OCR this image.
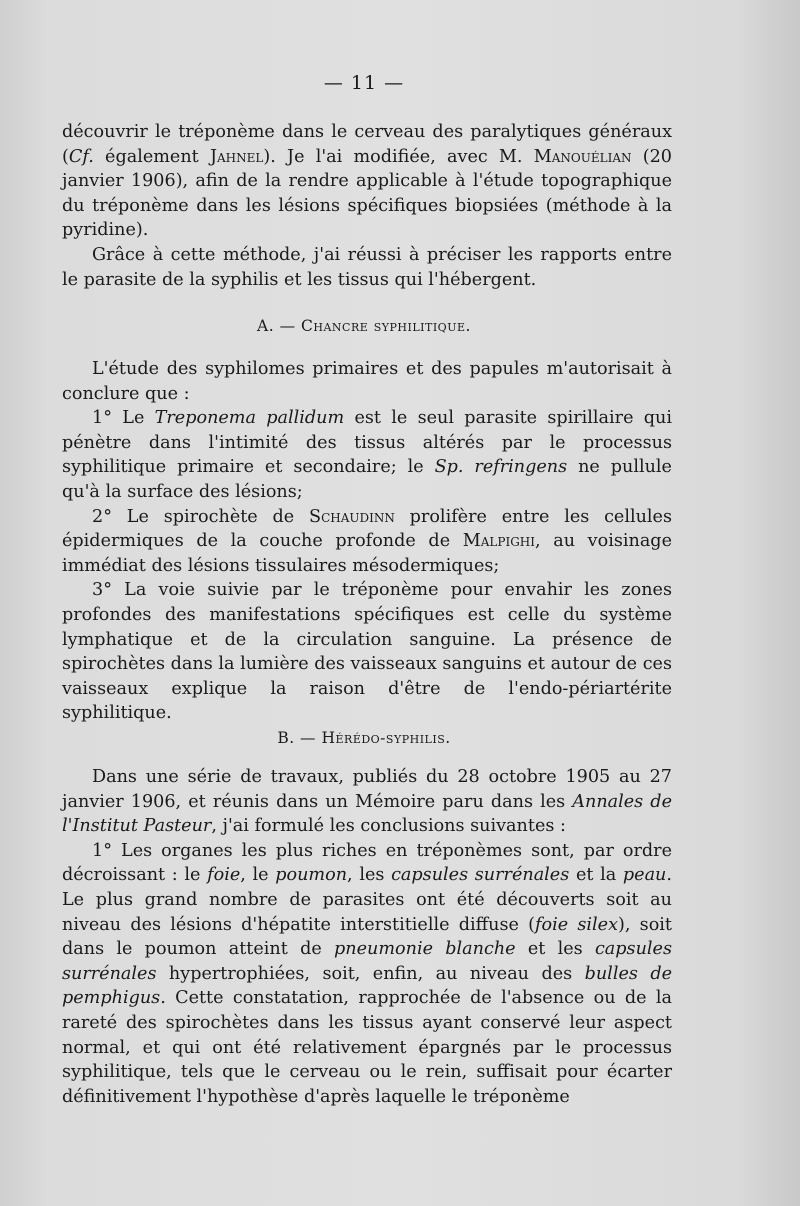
— 11 —

découvrir le tréponème dans le cerveau des paralytiques généraux (Cf. également Jahnel). Je l'ai modifiée, avec M. Manouélian (20 janvier 1906), afin de la rendre applicable à l'étude topographique du tréponème dans les lésions spécifiques biopsiées (méthode à la pyridine).

Grâce à cette méthode, j'ai réussi à préciser les rapports entre le parasite de la syphilis et les tissus qui l'hébergent.

A. — Chancre syphilitique.

L'étude des syphilomes primaires et des papules m'autorisait à conclure que :

1° Le Treponema pallidum est le seul parasite spirillaire qui pénètre dans l'intimité des tissus altérés par le processus syphilitique primaire et secondaire; le Sp. refringens ne pullule qu'à la surface des lésions;

2° Le spirochète de Schaudinn prolifère entre les cellules épidermiques de la couche profonde de Malpighi, au voisinage immédiat des lésions tissulaires mésodermiques;

3° La voie suivie par le tréponème pour envahir les zones profondes des manifestations spécifiques est celle du système lymphatique et de la circulation sanguine. La présence de spirochètes dans la lumière des vaisseaux sanguins et autour de ces vaisseaux explique la raison d'être de l'endo-périartérite syphilitique.

B. — Hérédo-syphilis.

Dans une série de travaux, publiés du 28 octobre 1905 au 27 janvier 1906, et réunis dans un Mémoire paru dans les Annales de l'Institut Pasteur, j'ai formulé les conclusions suivantes :

1° Les organes les plus riches en tréponèmes sont, par ordre décroissant : le foie, le poumon, les capsules surrénales et la peau. Le plus grand nombre de parasites ont été découverts soit au niveau des lésions d'hépatite interstitielle diffuse (foie silex), soit dans le poumon atteint de pneumonie blanche et les capsules surrénales hypertrophiées, soit, enfin, au niveau des bulles de pemphigus. Cette constatation, rapprochée de l'absence ou de la rareté des spirochètes dans les tissus ayant conservé leur aspect normal, et qui ont été relativement épargnés par le processus syphilitique, tels que le cerveau ou le rein, suffisait pour écarter définitivement l'hypothèse d'après laquelle le tréponème
